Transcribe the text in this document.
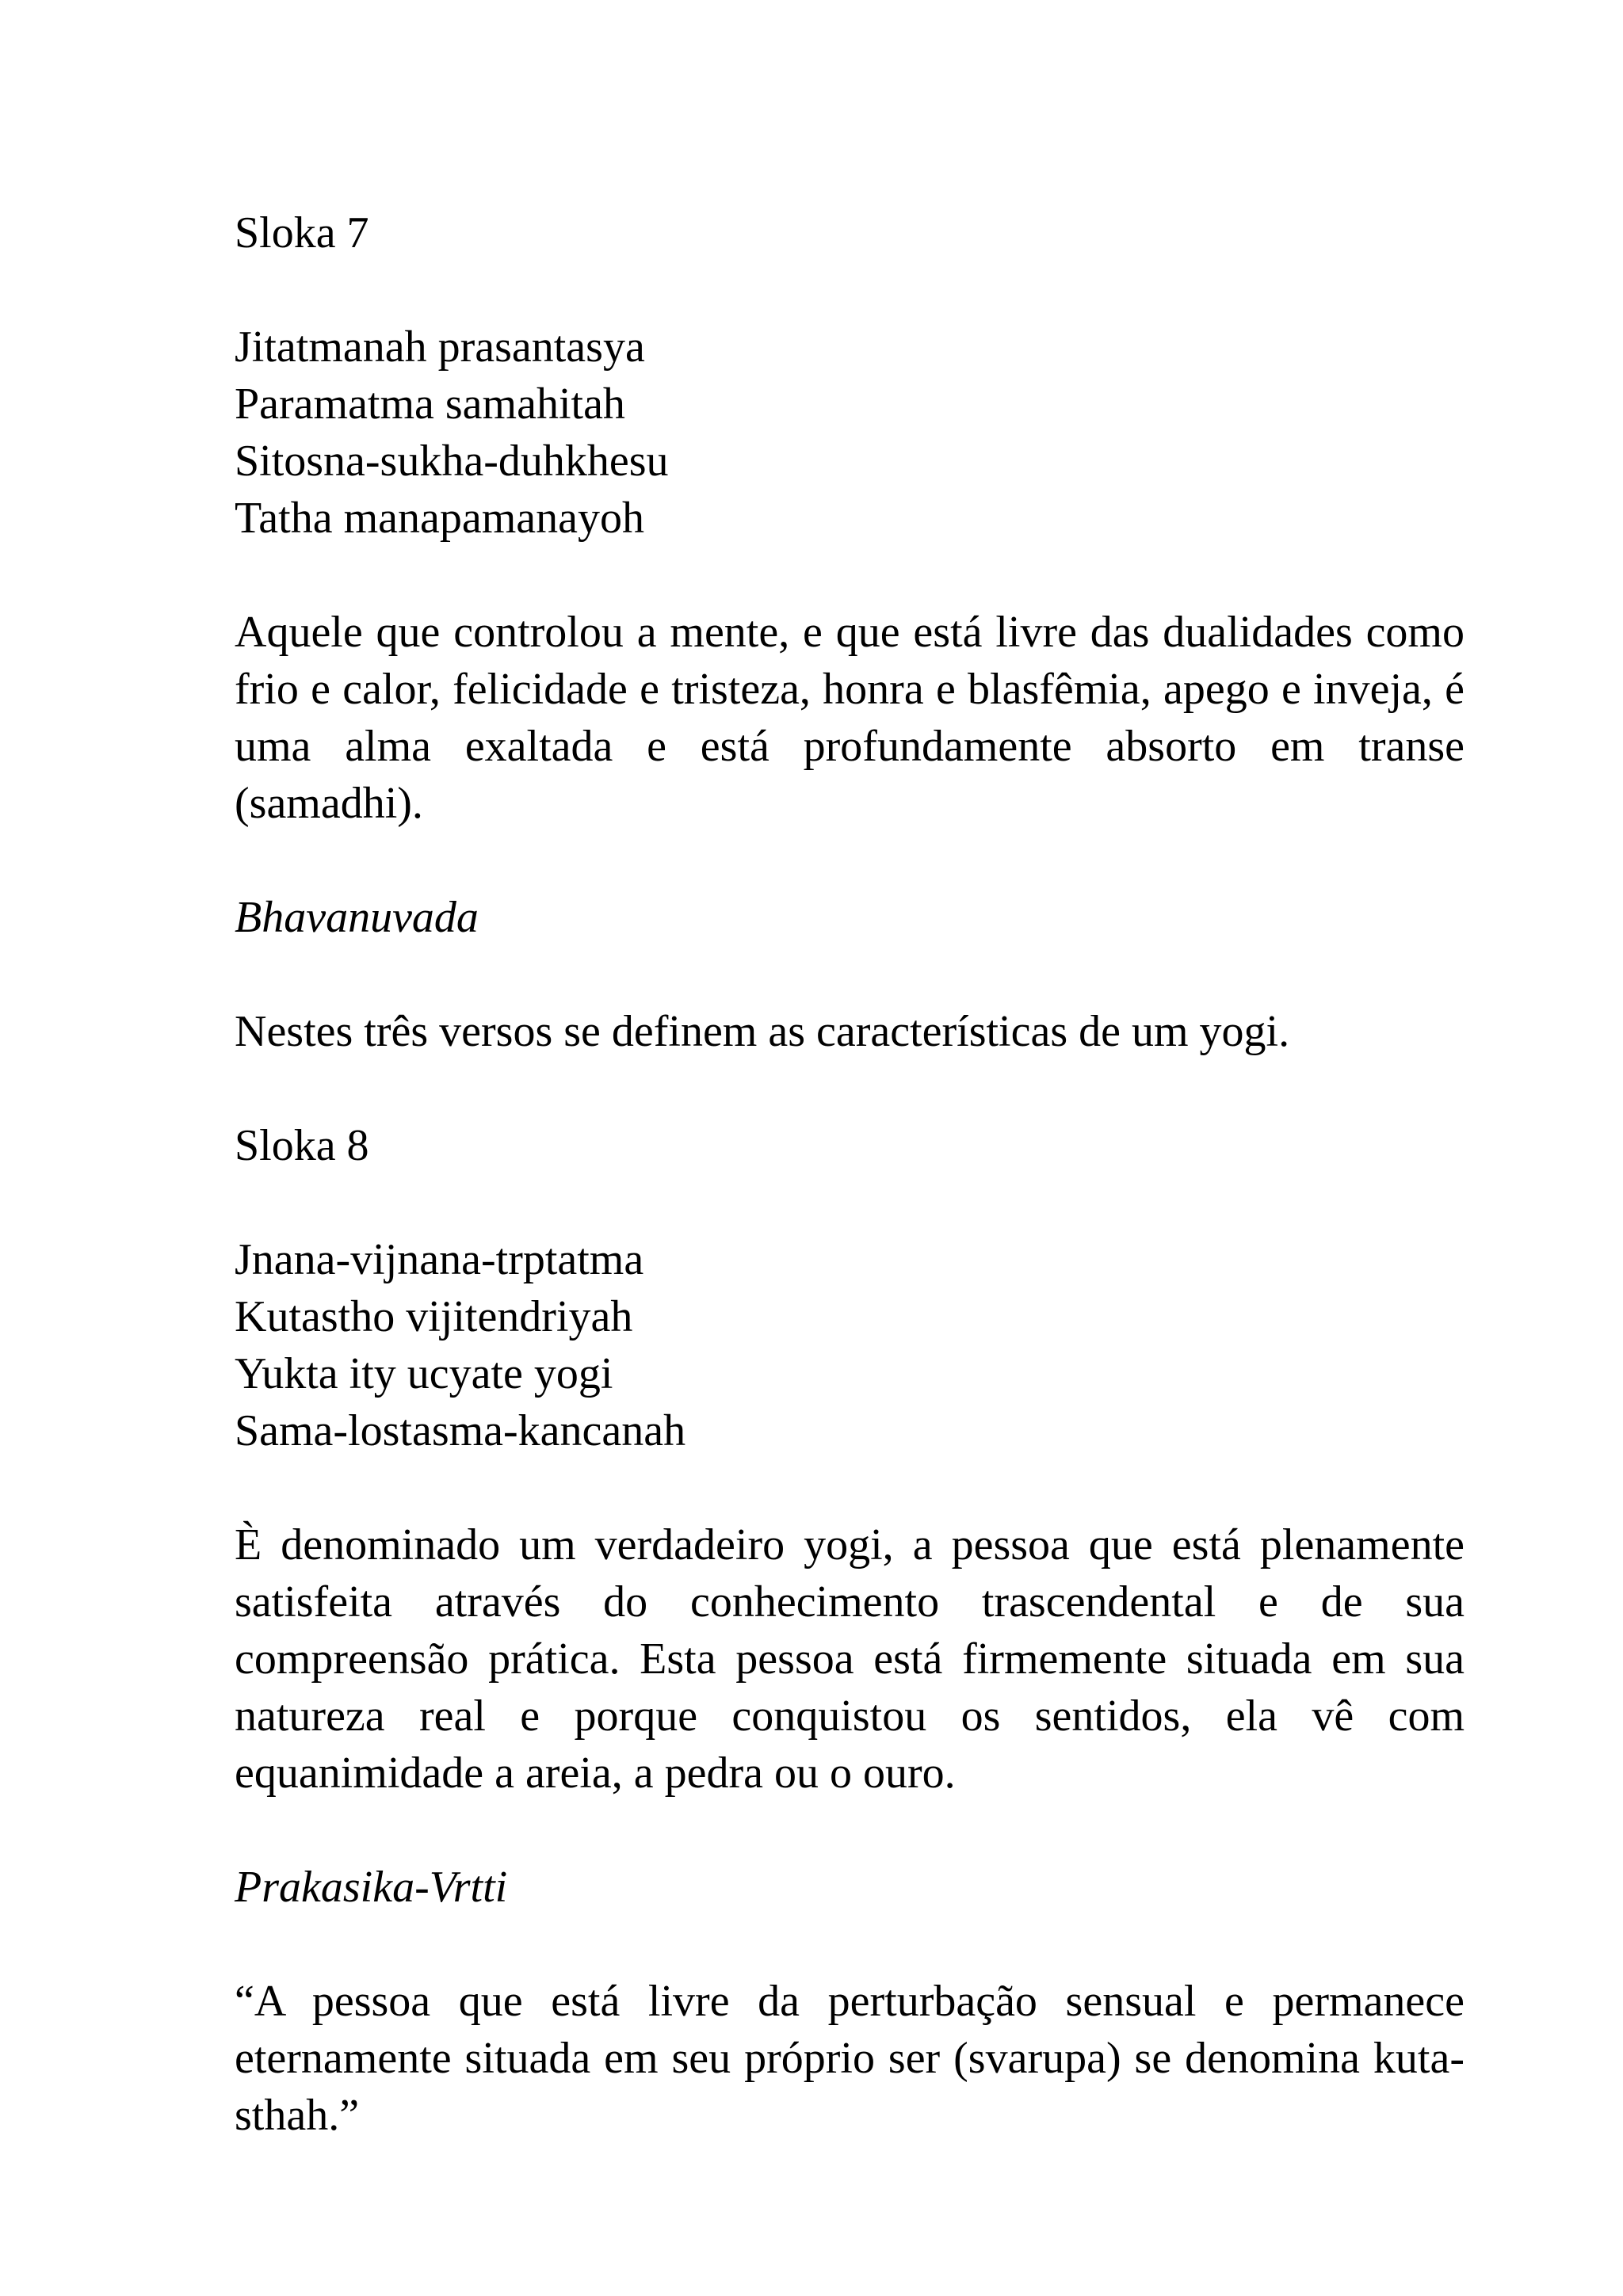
Sloka 7

Jitatmanah prasantasya
Paramatma samahitah
Sitosna-sukha-duhkhesu
Tatha manapamanayoh

Aquele que controlou a mente, e que está livre das dualidades como frio e calor, felicidade e tristeza, honra e blasfêmia, apego e inveja, é uma alma exaltada e está profundamente absorto em transe (samadhi).

Bhavanuvada

Nestes três versos se definem as características de um yogi.

Sloka 8

Jnana-vijnana-trptatma
Kutastho vijitendriyah
Yukta ity ucyate yogi
Sama-lostasma-kancanah

È denominado um verdadeiro yogi, a pessoa que está plenamente satisfeita através do conhecimento trascendental e de sua compreensão prática. Esta pessoa está firmemente situada em sua natureza real e porque conquistou os sentidos, ela vê com equanimidade a areia, a pedra ou o ouro.

Prakasika-Vrtti

“A pessoa que está livre da perturbação sensual e permanece eternamente situada em seu próprio ser (svarupa) se denomina kuta-sthah.”
